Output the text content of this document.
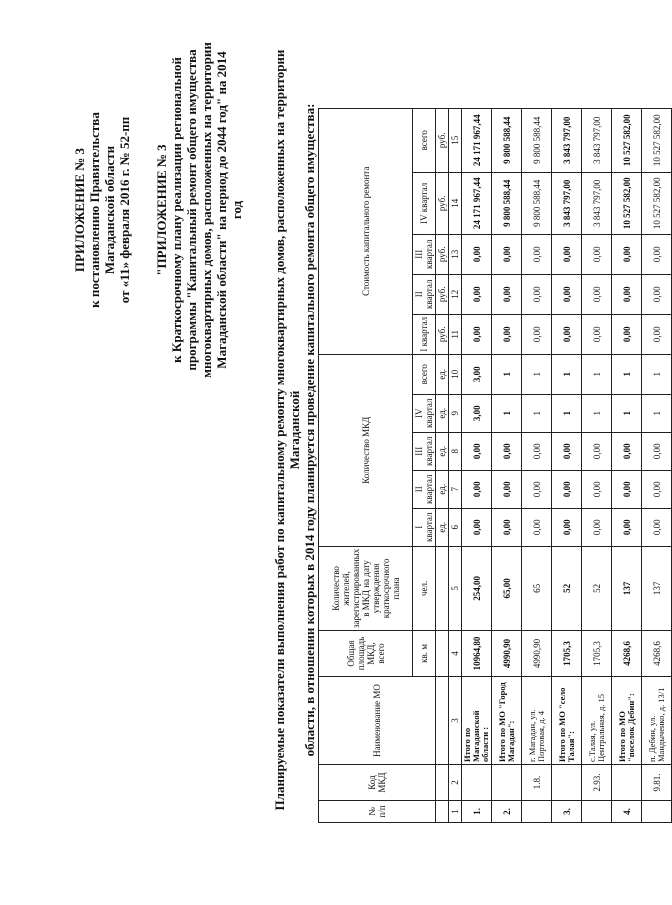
ПРИЛОЖЕНИЕ № 3 к постановлению Правительства Магаданской области от «11» февраля 2016 г. № 52-пп "ПРИЛОЖЕНИЕ № 3 к Краткосрочному плану реализации региональной программы "Капитальный ремонт общего имущества многоквартирных домов, расположенных на территории Магаданской области" на период до 2044 год" на 2014 год Планируемые показатели выполнения работ по капитальному ремонту многоквартирных домов, расположенных на территории Магаданской области, в отношении которых в 2014 году планируется проведение капитального ремонта общего имущества:
№ п/п	Код МКД	Наименование МО	Общая площадь МКД, всего	Количество жителей, зарегистрированных в МКД на дату утверждения краткосрочного плана	Количество МКД					Стоимость капитального ремонта				
			кв. м	чел.	I квартал	II квартал	III квартал	IV квартал	всего	I квартал	II квартал	III квартал	IV квартал	всего
					ед.	ед.	ед.	ед.	ед.	руб.	руб.	руб.	руб.	руб.
1	2	3	4	5	6	7	8	9	10	11	12	13	14	15
1.		Итого по Магаданской области :	10964,80	254,00	0,00	0,00	0,00	3,00	3,00	0,00	0,00	0,00	24 171 967,44	24 171 967,44
2.		Итого по МО "Город Магадан":	4990,90	65,00	0,00	0,00	0,00	1	1	0,00	0,00	0,00	9 800 588,44	9 800 588,44
	1.8.	г. Магадан, ул. Портовая, д. 4	4990,90	65	0,00	0,00	0,00	1	1	0,00	0,00	0,00	9 800 588,44	9 800 588,44
3.		Итого по МО "село Талая":	1705,3	52	0,00	0,00	0,00	1	1	0,00	0,00	0,00	3 843 797,00	3 843 797,00
	2.93.	с.Талая, ул. Центральная, д. 15	1705,3	52	0,00	0,00	0,00	1	1	0,00	0,00	0,00	3 843 797,00	3 843 797,00
4.		Итого по МО "поселок Дебин":	4268,6	137	0,00	0,00	0,00	1	1	0,00	0,00	0,00	10 527 582,00	10 527 582,00
	9.81.	п. Дебин, ул. Мандыченко, д. 13/1	4268,6	137	0,00	0,00	0,00	1	1	0,00	0,00	0,00	10 527 582,00	10 527 582,00
